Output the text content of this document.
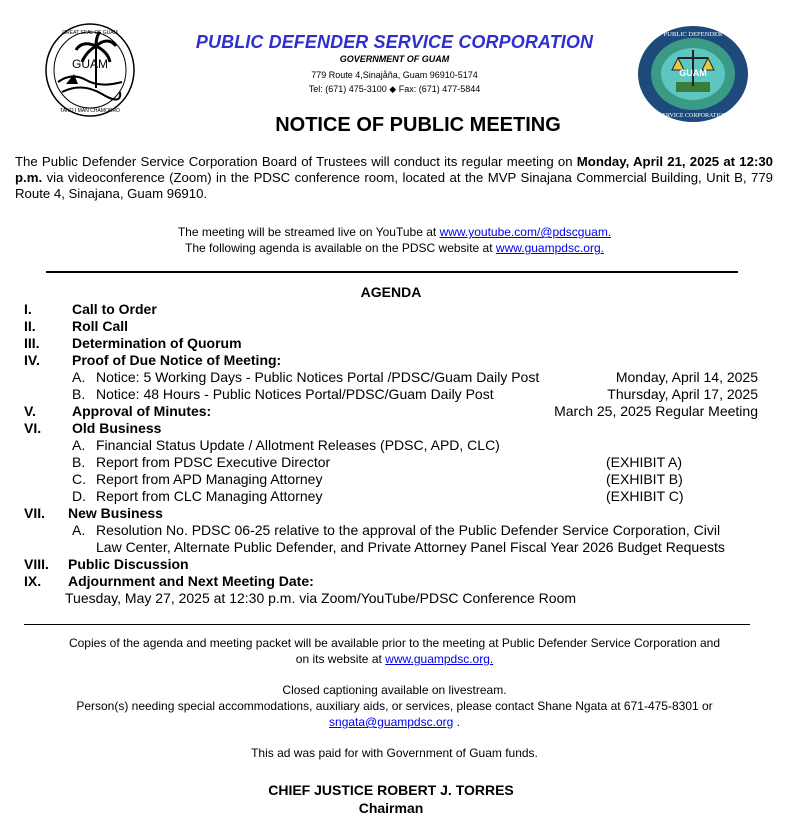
GUAM
GREAT SEAL OF GUAM
TANO I MAN CHAMORRO
GUAM
PUBLIC DEFENDER
SERVICE CORPORATION
PUBLIC DEFENDER SERVICE CORPORATION
GOVERNMENT OF GUAM
779 Route 4,Sinajåña, Guam 96910-5174
Tel: (671) 475-3100 ◆ Fax: (671) 477-5844
NOTICE OF PUBLIC MEETING
The Public Defender Service Corporation Board of Trustees will conduct its regular meeting on Monday, April 21, 2025 at 12:30 p.m. via videoconference (Zoom) in the PDSC conference room, located at the MVP Sinajana Commercial Building, Unit B, 779 Route 4, Sinajana, Guam 96910.
The meeting will be streamed live on YouTube at www.youtube.com/@pdscguam.
The following agenda is available on the PDSC website at www.guampdsc.org.
AGENDA
I.	Call to Order
II.	Roll Call
III. Determination of Quorum
IV. Proof of Due Notice of Meeting:
A. Notice: 5 Working Days - Public Notices Portal /PDSC/Guam Daily Post	Monday, April 14, 2025
B. Notice: 48 Hours - Public Notices Portal/PDSC/Guam Daily Post	Thursday, April 17, 2025
V.	Approval of Minutes:	March 25, 2025 Regular Meeting
VI. Old Business
A. Financial Status Update / Allotment Releases (PDSC, APD, CLC)
B. Report from PDSC Executive Director	(EXHIBIT A)
C. Report from APD Managing Attorney	(EXHIBIT B)
D. Report from CLC Managing Attorney	(EXHIBIT C)
VII. New Business
A. Resolution No. PDSC 06-25 relative to the approval of the Public Defender Service Corporation, Civil
Law Center, Alternate Public Defender, and Private Attorney Panel Fiscal Year 2026 Budget Requests
VIII. Public Discussion
IX. Adjournment and Next Meeting Date:
Tuesday, May 27, 2025 at 12:30 p.m. via Zoom/YouTube/PDSC Conference Room
Copies of the agenda and meeting packet will be available prior to the meeting at Public Defender Service Corporation and
on its website at www.guampdsc.org.
Closed captioning available on livestream.
Person(s) needing special accommodations, auxiliary aids, or services, please contact Shane Ngata at 671-475-8301 or
sngata@guampdsc.org .
This ad was paid for with Government of Guam funds.
CHIEF JUSTICE ROBERT J. TORRES
Chairman
